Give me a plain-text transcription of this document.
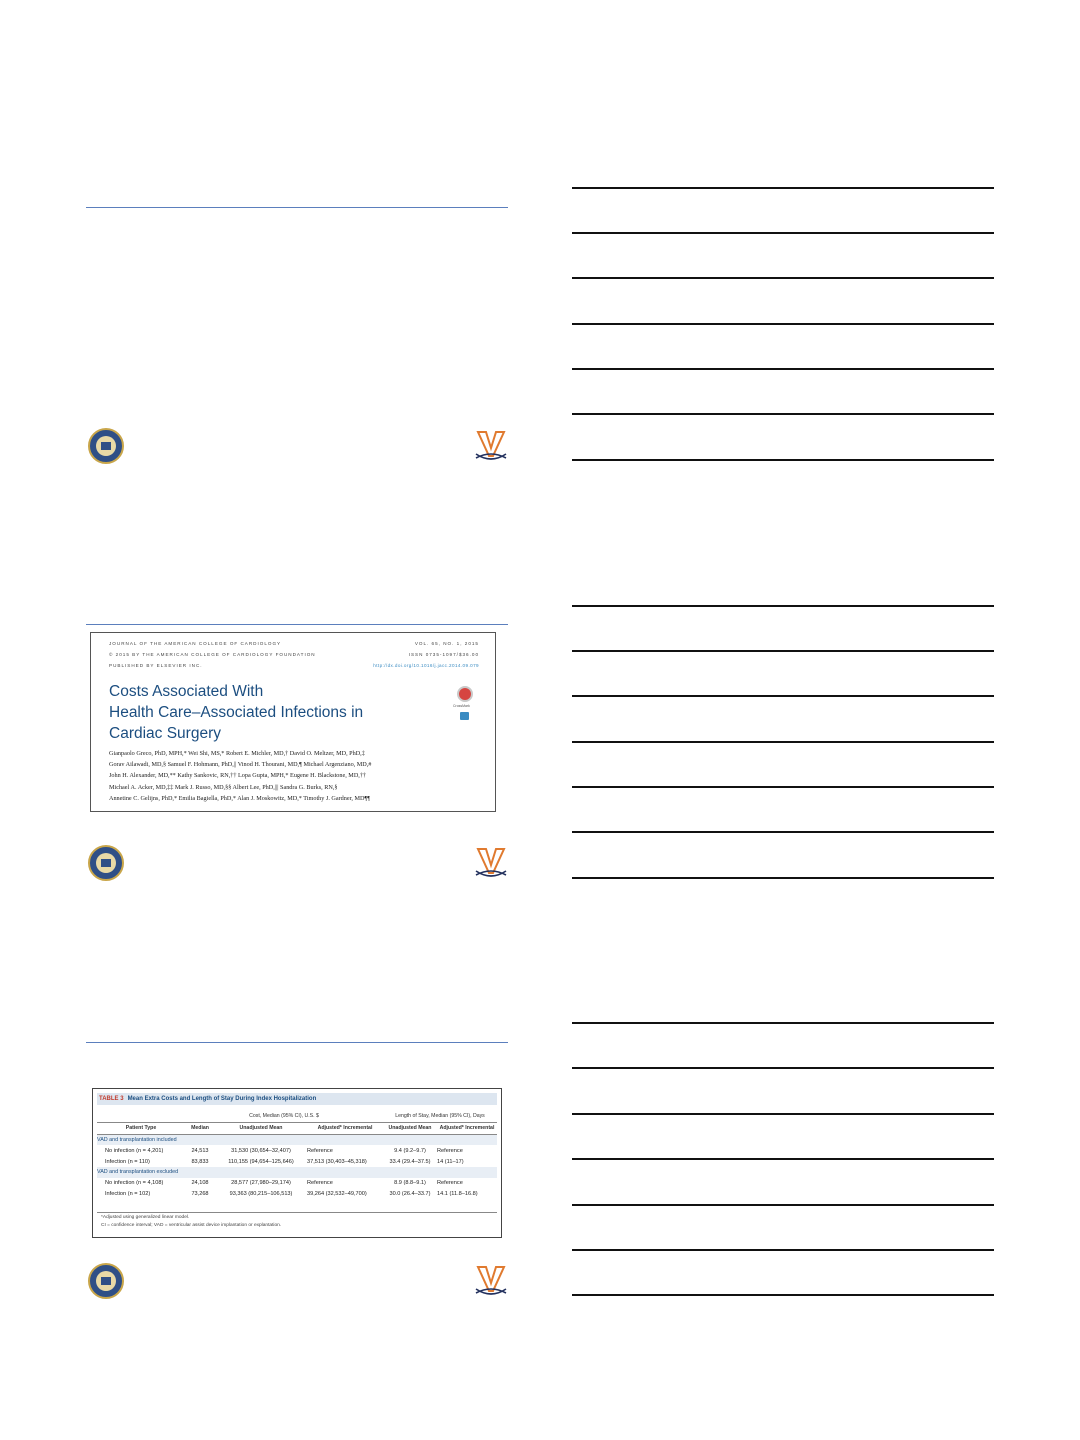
JOURNAL OF THE AMERICAN COLLEGE OF CARDIOLOGY
© 2015 BY THE AMERICAN COLLEGE OF CARDIOLOGY FOUNDATION
PUBLISHED BY ELSEVIER INC.
VOL. 65, NO. 1, 2015
ISSN 0735-1097/$36.00
http://dx.doi.org/10.1016/j.jacc.2014.09.079
Costs Associated With
Health Care–Associated Infections in
Cardiac Surgery
CrossMark
Gianpaolo Greco, PhD, MPH,* Wei Shi, MS,* Robert E. Michler, MD,† David O. Meltzer, MD, PhD,‡
Gorav Ailawadi, MD,§ Samuel F. Hohmann, PhD,|| Vinod H. Thourani, MD,¶ Michael Argenziano, MD,#
John H. Alexander, MD,** Kathy Sankovic, RN,†† Lopa Gupta, MPH,* Eugene H. Blackstone, MD,††
Michael A. Acker, MD,‡‡ Mark J. Russo, MD,§§ Albert Lee, PhD,||| Sandra G. Burks, RN,§
Annetine C. Gelijns, PhD,* Emilia Bagiella, PhD,* Alan J. Moskowitz, MD,* Timothy J. Gardner, MD¶¶
TABLE 3 Mean Extra Costs and Length of Stay During Index Hospitalization
	Cost, Median (95% CI), U.S. $			Length of Stay, Median (95% CI), Days	
Patient Type	Median	Unadjusted Mean	Adjusted* Incremental	Unadjusted Mean	Adjusted* Incremental
VAD and transplantation included					
No infection (n = 4,201)	24,513	31,530 (30,654–32,407)	Reference	9.4 (9.2–9.7)	Reference
Infection (n = 110)	83,833	110,155 (94,654–125,646)	37,513 (30,403–45,318)	33.4 (29.4–37.5)	14 (11–17)
VAD and transplantation excluded					
No infection (n = 4,108)	24,108	28,577 (27,980–29,174)	Reference	8.9 (8.8–9.1)	Reference
Infection (n = 102)	73,268	93,363 (80,215–106,513)	39,264 (32,532–49,700)	30.0 (26.4–33.7)	14.1 (11.8–16.8)
*Adjusted using generalized linear model.
CI = confidence interval; VAD = ventricular assist device implantation or explantation.
